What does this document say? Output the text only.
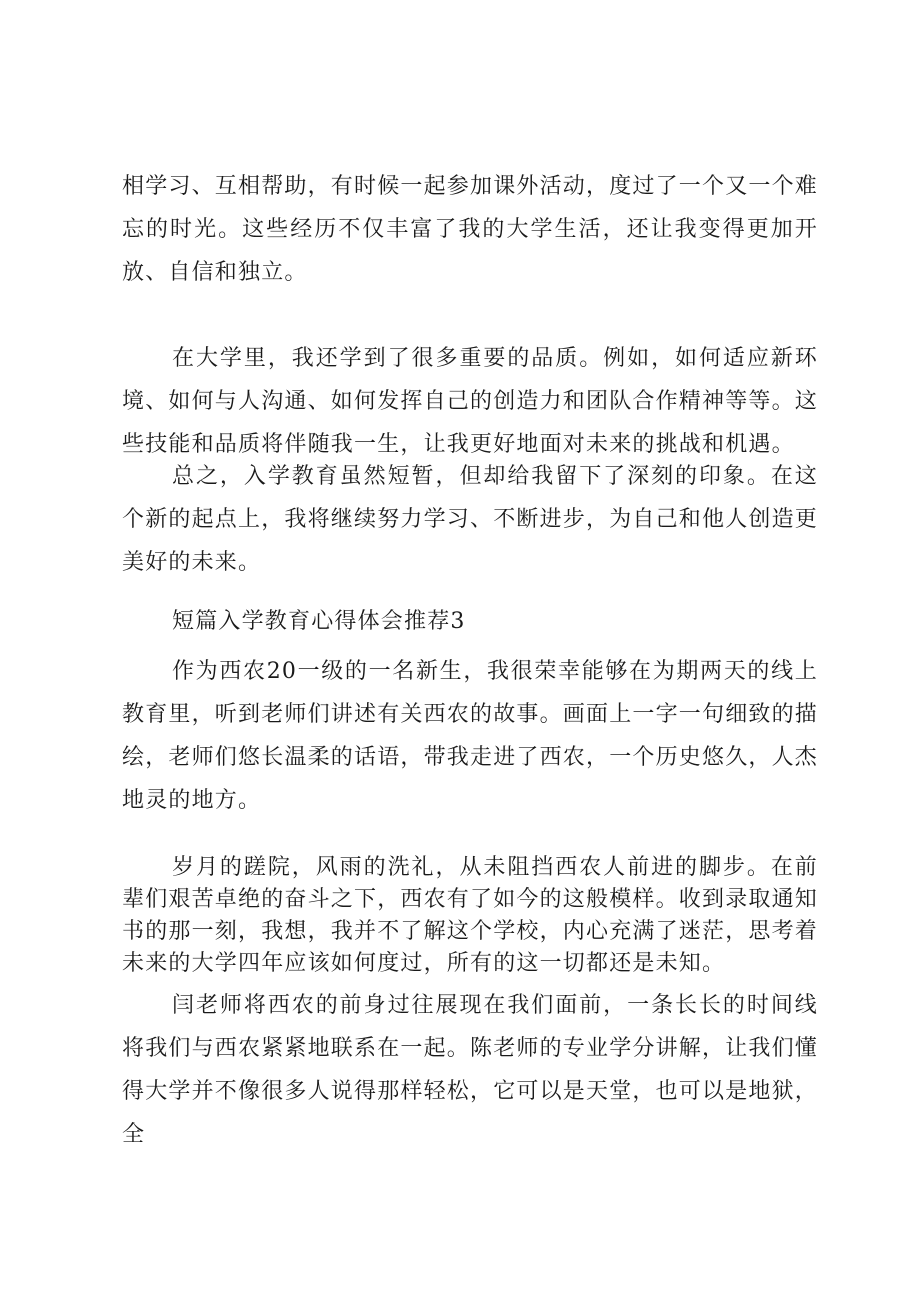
相学习、互相帮助，有时候一起参加课外活动，度过了一个又一个难忘的时光。这些经历不仅丰富了我的大学生活，还让我变得更加开放、自信和独立。

在大学里，我还学到了很多重要的品质。例如，如何适应新环境、如何与人沟通、如何发挥自己的创造力和团队合作精神等等。这些技能和品质将伴随我一生，让我更好地面对未来的挑战和机遇。

总之，入学教育虽然短暂，但却给我留下了深刻的印象。在这个新的起点上，我将继续努力学习、不断进步，为自己和他人创造更美好的未来。

短篇入学教育心得体会推荐3

作为西农20一级的一名新生，我很荣幸能够在为期两天的线上教育里，听到老师们讲述有关西农的故事。画面上一字一句细致的描绘，老师们悠长温柔的话语，带我走进了西农，一个历史悠久，人杰地灵的地方。

岁月的蹉院，风雨的洗礼，从未阻挡西农人前进的脚步。在前辈们艰苦卓绝的奋斗之下，西农有了如今的这般模样。收到录取通知书的那一刻，我想，我并不了解这个学校，内心充满了迷茫，思考着未来的大学四年应该如何度过，所有的这一切都还是未知。

闫老师将西农的前身过往展现在我们面前，一条长长的时间线将我们与西农紧紧地联系在一起。陈老师的专业学分讲解，让我们懂得大学并不像很多人说得那样轻松，它可以是天堂，也可以是地狱，全
